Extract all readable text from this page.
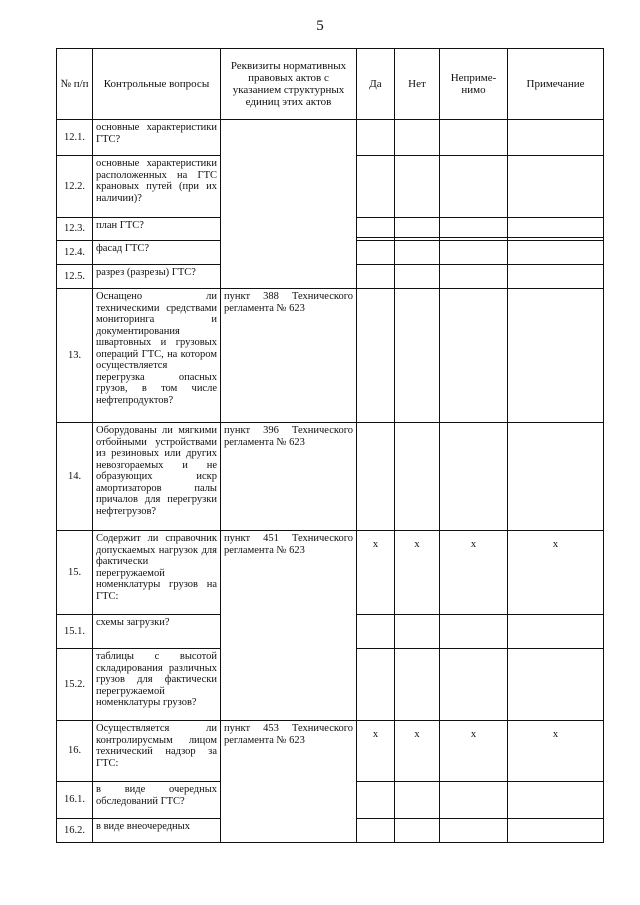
5
№ п/п	Контрольные вопросы	Реквизиты нормативных правовых актов с указанием структурных единиц этих актов	Да	Нет	Неприме-нимо	Примечание
12.1.	основные характеристики ГТС?					
12.2.	основные характеристики расположенных на ГТС крановых путей (при их наличии)?					
12.3.	план ГТС?		

12.4.	фасад ГТС?					
12.5.	разрез (разрезы) ГТС?					
13.	Оснащено ли техническими средствами мониторинга и документирования швартовных и грузовых операций ГТС, на котором осуществляется перегрузка опасных грузов, в том числе нефтепродуктов?	пункт 388 Технического регламента № 623				
14.	Оборудованы ли мягкими отбойными устройствами из резиновых или других невозгораемых и не образующих искр амортизаторов палы причалов для перегрузки нефтегрузов?	пункт 396 Технического регламента № 623				
15.	Содержит ли справочник допускаемых нагрузок для фактически перегружаемой номенклатуры грузов на ГТС:	пункт 451 Технического регламента № 623	х	х	х	х
15.1.	схемы загрузки?					
15.2.	таблицы с высотой складирования различных грузов для фактически перегружаемой номенклатуры грузов?					
16.	Осуществляется ли контролирусмым лицом технический надзор за ГТС:	пункт 453 Технического регламента № 623	х	х	х	х
16.1.	в виде очередных обследований ГТС?					
16.2.	в виде внеочередных					
